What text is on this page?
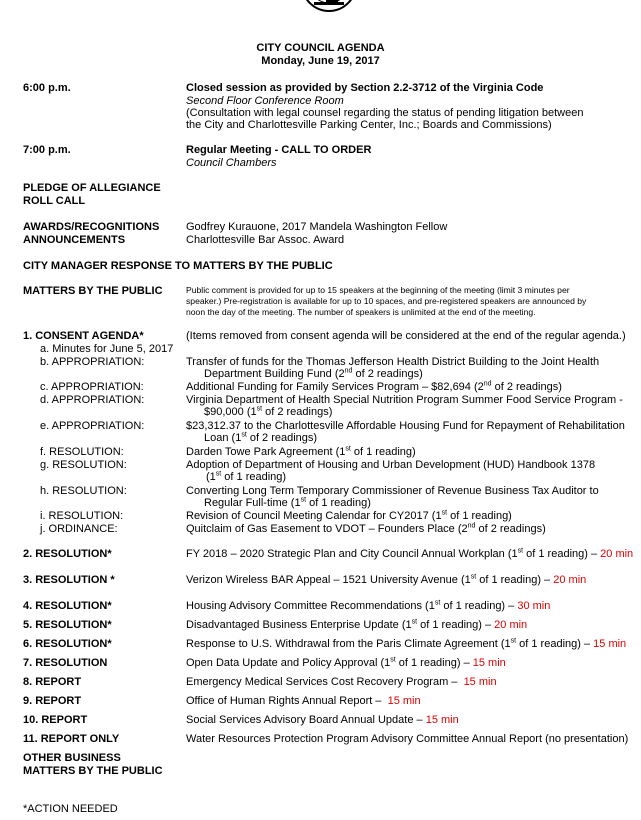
CITY COUNCIL AGENDA
Monday, June 19, 2017
6:00 p.m.	Closed session as provided by Section 2.2-3712 of the Virginia Code
Second Floor Conference Room
(Consultation with legal counsel regarding the status of pending litigation between
the City and Charlottesville Parking Center, Inc.; Boards and Commissions)
7:00 p.m.	Regular Meeting - CALL TO ORDER
Council Chambers
PLEDGE OF ALLEGIANCE
ROLL CALL
AWARDS/RECOGNITIONS Godfrey Kurauone, 2017 Mandela Washington Fellow
ANNOUNCEMENTS	Charlottesville Bar Assoc. Award
CITY MANAGER RESPONSE TO MATTERS BY THE PUBLIC
MATTERS BY THE PUBLIC	Public comment is provided for up to 15 speakers at the beginning of the meeting (limit 3 minutes per
speaker.) Pre-registration is available for up to 10 spaces, and pre-registered speakers are announced by
noon the day of the meeting. The number of speakers is unlimited at the end of the meeting.
1. CONSENT AGENDA*	(Items removed from consent agenda will be considered at the end of the regular agenda.)
a. Minutes for June 5, 2017
b. APPROPRIATION:	Transfer of funds for the Thomas Jefferson Health District Building to the Joint Health
Department Building Fund (2nd of 2 readings)
c. APPROPRIATION:	Additional Funding for Family Services Program – $82,694 (2nd of 2 readings)
d. APPROPRIATION:	Virginia Department of Health Special Nutrition Program Summer Food Service Program -
$90,000 (1st of 2 readings)
e. APPROPRIATION:	$23,312.37 to the Charlottesville Affordable Housing Fund for Repayment of Rehabilitation
Loan (1st of 2 readings)
f. RESOLUTION:	Darden Towe Park Agreement (1st of 1 reading)
g. RESOLUTION:	Adoption of Department of Housing and Urban Development (HUD) Handbook 1378
(1st of 1 reading)
h. RESOLUTION:	Converting Long Term Temporary Commissioner of Revenue Business Tax Auditor to
Regular Full-time (1st of 1 reading)
i. RESOLUTION:	Revision of Council Meeting Calendar for CY2017 (1st of 1 reading)
j. ORDINANCE:	Quitclaim of Gas Easement to VDOT – Founders Place (2nd of 2 readings)
2. RESOLUTION*	FY 2018 – 2020 Strategic Plan and City Council Annual Workplan (1st of 1 reading) – 20 min
3. RESOLUTION *	Verizon Wireless BAR Appeal – 1521 University Avenue (1st of 1 reading) – 20 min
4. RESOLUTION*	Housing Advisory Committee Recommendations (1st of 1 reading) – 30 min
5. RESOLUTION*	Disadvantaged Business Enterprise Update (1st of 1 reading) – 20 min
6. RESOLUTION*	Response to U.S. Withdrawal from the Paris Climate Agreement (1st of 1 reading) – 15 min
7. RESOLUTION	Open Data Update and Policy Approval (1st of 1 reading) – 15 min
8. REPORT	Emergency Medical Services Cost Recovery Program – 15 min
9. REPORT	Office of Human Rights Annual Report – 15 min
10. REPORT	Social Services Advisory Board Annual Update – 15 min
11. REPORT ONLY	Water Resources Protection Program Advisory Committee Annual Report (no presentation)
OTHER BUSINESS
MATTERS BY THE PUBLIC
*ACTION NEEDED
